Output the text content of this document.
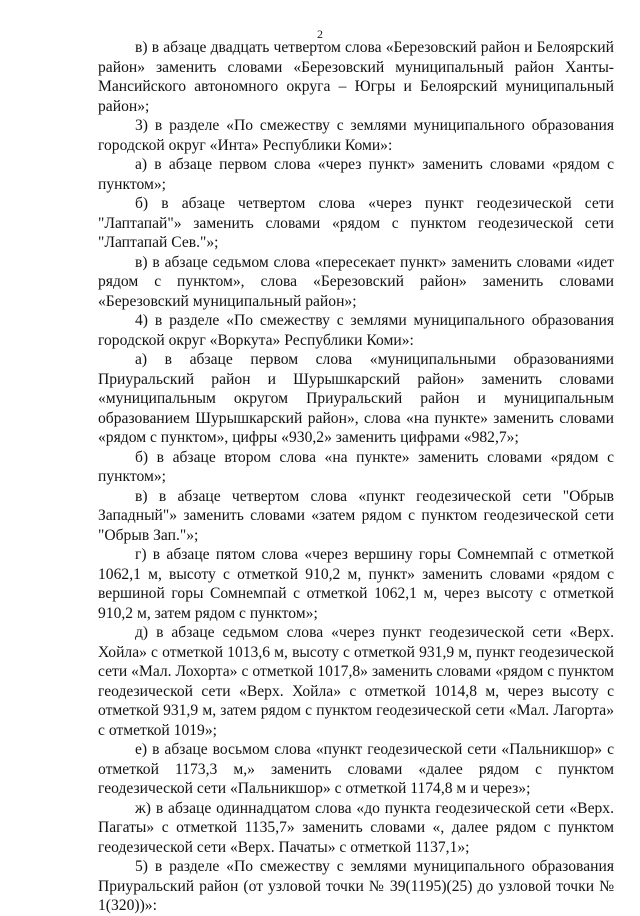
2

в) в абзаце двадцать четвертом слова «Березовский район и Белоярский район» заменить словами «Березовский муниципальный район Ханты-Мансийского автономного округа – Югры и Белоярский муниципальный район»;

3) в разделе «По смежеству с землями муниципального образования городской округ «Инта» Республики Коми»:

а) в абзаце первом слова «через пункт» заменить словами «рядом с пунктом»;

б) в абзаце четвертом слова «через пункт геодезической сети "Лаптапай"» заменить словами «рядом с пунктом геодезической сети "Лаптапай Сев."»;

в) в абзаце седьмом слова «пересекает пункт» заменить словами «идет рядом с пунктом», слова «Березовский район» заменить словами «Березовский муниципальный район»;

4) в разделе «По смежеству с землями муниципального образования городской округ «Воркута» Республики Коми»:

а) в абзаце первом слова «муниципальными образованиями Приуральский район и Шурышкарский район» заменить словами «муниципальным округом Приуральский район и муниципальным образованием Шурышкарский район», слова «на пункте» заменить словами «рядом с пунктом», цифры «930,2» заменить цифрами «982,7»;

б) в абзаце втором слова «на пункте» заменить словами «рядом с пунктом»;

в) в абзаце четвертом слова «пункт геодезической сети "Обрыв Западный"» заменить словами «затем рядом с пунктом геодезической сети "Обрыв Зап."»;

г) в абзаце пятом слова «через вершину горы Сомнемпай с отметкой 1062,1 м, высоту с отметкой 910,2 м, пункт» заменить словами «рядом с вершиной горы Сомнемпай с отметкой 1062,1 м, через высоту с отметкой 910,2 м, затем рядом с пунктом»;

д) в абзаце седьмом слова «через пункт геодезической сети «Верх. Хойла» с отметкой 1013,6 м, высоту с отметкой 931,9 м, пункт геодезической сети «Мал. Лохорта» с отметкой 1017,8» заменить словами «рядом с пунктом геодезической сети «Верх. Хойла» с отметкой 1014,8 м, через высоту с отметкой 931,9 м, затем рядом с пунктом геодезической сети «Мал. Лагорта» с отметкой 1019»;

е) в абзаце восьмом слова «пункт геодезической сети «Пальникшор» с отметкой 1173,3 м,» заменить словами «далее рядом с пунктом геодезической сети «Пальникшор» с отметкой 1174,8 м и через»;

ж) в абзаце одиннадцатом слова «до пункта геодезической сети «Верх. Пагаты» с отметкой 1135,7» заменить словами «, далее рядом с пунктом геодезической сети «Верх. Пачаты» с отметкой 1137,1»;

5) в разделе «По смежеству с землями муниципального образования Приуральский район (от узловой точки № 39(1195)(25) до узловой точки № 1(320))»:
